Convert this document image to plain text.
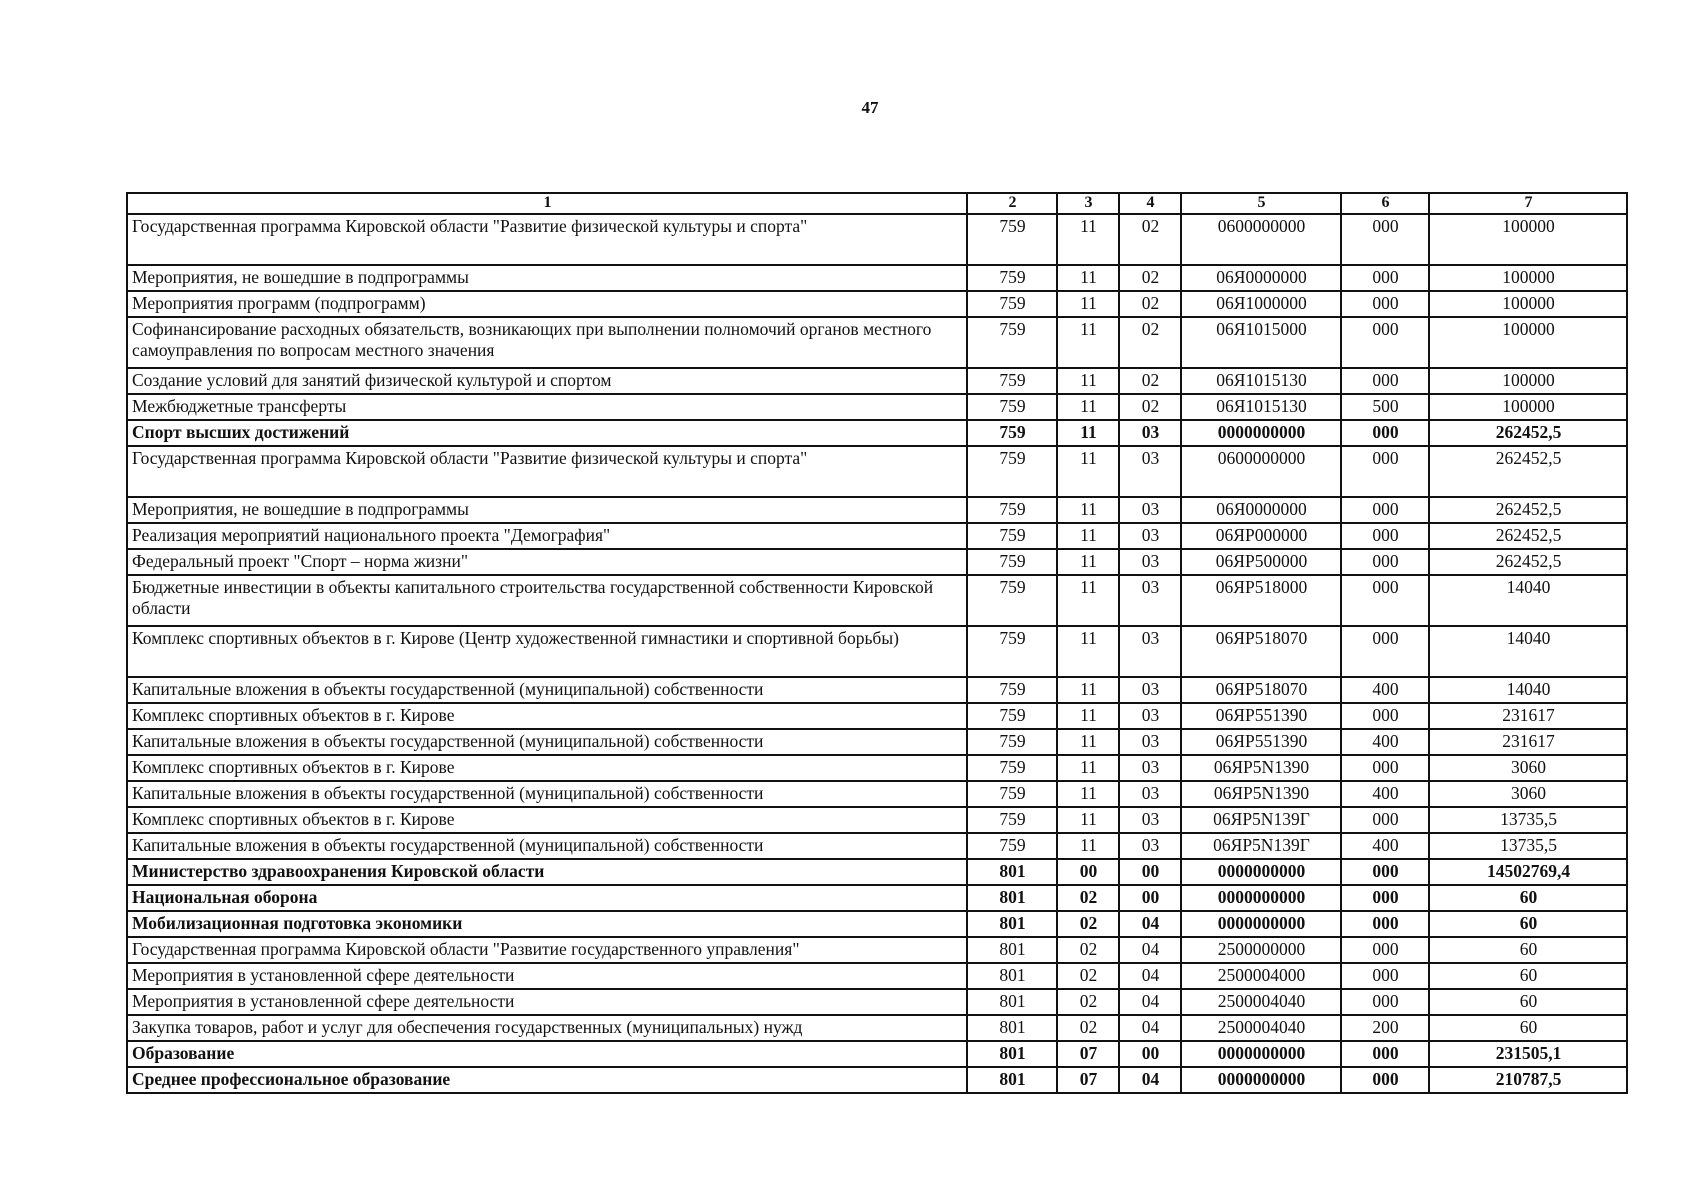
47
1	2	3	4	5	6	7
Государственная программа Кировской области "Развитие физической культуры и спорта"	759	11	02	0600000000	000	100000
Мероприятия, не вошедшие в подпрограммы	759	11	02	06Я0000000	000	100000
Мероприятия программ (подпрограмм)	759	11	02	06Я1000000	000	100000
Софинансирование расходных обязательств, возникающих при выполнении полномочий органов местного самоуправления по вопросам местного значения	759	11	02	06Я1015000	000	100000
Создание условий для занятий физической культурой и спортом	759	11	02	06Я1015130	000	100000
Межбюджетные трансферты	759	11	02	06Я1015130	500	100000
Спорт высших достижений	759	11	03	0000000000	000	262452,5
Государственная программа Кировской области "Развитие физической культуры и спорта"	759	11	03	0600000000	000	262452,5
Мероприятия, не вошедшие в подпрограммы	759	11	03	06Я0000000	000	262452,5
Реализация мероприятий национального проекта "Демография"	759	11	03	06ЯР000000	000	262452,5
Федеральный проект "Спорт – норма жизни"	759	11	03	06ЯР500000	000	262452,5
Бюджетные инвестиции в объекты капитального строительства государственной собственности Кировской области	759	11	03	06ЯР518000	000	14040
Комплекс спортивных объектов в г. Кирове (Центр художественной гимнастики и спортивной борьбы)	759	11	03	06ЯР518070	000	14040
Капитальные вложения в объекты государственной (муниципальной) собственности	759	11	03	06ЯР518070	400	14040
Комплекс спортивных объектов в г. Кирове	759	11	03	06ЯР551390	000	231617
Капитальные вложения в объекты государственной (муниципальной) собственности	759	11	03	06ЯР551390	400	231617
Комплекс спортивных объектов в г. Кирове	759	11	03	06ЯР5N1390	000	3060
Капитальные вложения в объекты государственной (муниципальной) собственности	759	11	03	06ЯР5N1390	400	3060
Комплекс спортивных объектов в г. Кирове	759	11	03	06ЯР5N139Г	000	13735,5
Капитальные вложения в объекты государственной (муниципальной) собственности	759	11	03	06ЯР5N139Г	400	13735,5
Министерство здравоохранения Кировской области	801	00	00	0000000000	000	14502769,4
Национальная оборона	801	02	00	0000000000	000	60
Мобилизационная подготовка экономики	801	02	04	0000000000	000	60
Государственная программа Кировской области "Развитие государственного управления"	801	02	04	2500000000	000	60
Мероприятия в установленной сфере деятельности	801	02	04	2500004000	000	60
Мероприятия в установленной сфере деятельности	801	02	04	2500004040	000	60
Закупка товаров, работ и услуг для обеспечения государственных (муниципальных) нужд	801	02	04	2500004040	200	60
Образование	801	07	00	0000000000	000	231505,1
Среднее профессиональное образование	801	07	04	0000000000	000	210787,5
